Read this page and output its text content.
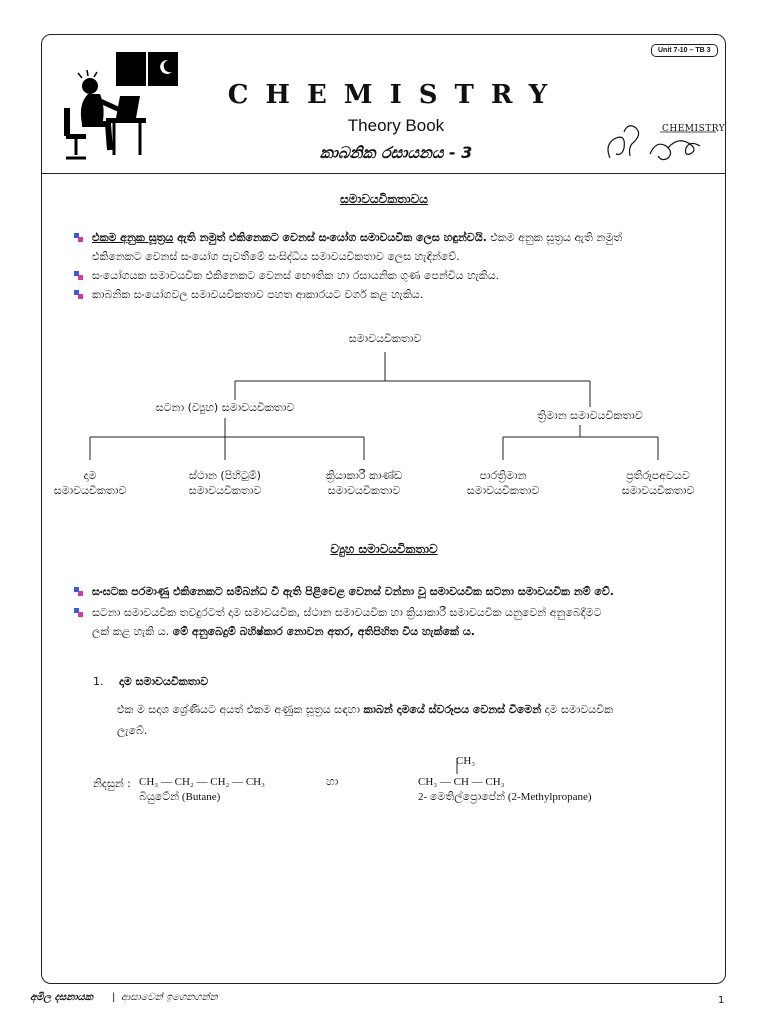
Unit 7-10 – TB 3
CHEMISTRY
Theory Book
කාබනික රසායනය - 3
CHEMISTRY
සමාවයවිකතාවය
එකම අනුක සූත්‍රය ඇති නමුත් එකිනෙකට වෙනස් සංයෝග සමාවයවික ලෙස හඳුන්වයි. එකම අනුක සූත්‍රය ඇති නමුත්
එකිනෙකට වෙනස් සංයෝග පැවතීමේ සංසිද්ධිය සමාවයවිකතාව ලෙස හැඳින්වේ.
සංයෝගයක සමාවයවික එකිනෙකට වෙනස් භෞතික හා රසායනික ගුණ පෙන්විය හැකිය.
කාබනික සංයෝගවල සමාවයවිකතාව පහත ආකාරයට වර්ග කළ හැකිය.
සමාවයවිකතාව
සටනා (ව්‍යුහ) සමාවයවිකතාව
ත්‍රිමාන සමාවයවිකතාව
දාම
සමාවයවිකතාව
ස්ථාන (පිහිටුම්)
සමාවයවිකතාව
ක්‍රියාකාරී කාණ්ඩ
සමාවයවිකතාව
පාරත්‍රිමාන
සමාවයවිකතාව
ප්‍රතිරූපඅවයව
සමාවයවිකතාව
ව්‍යුහ සමාවයවිකතාව
සංඝටක පරමාණු එකිනෙකට සම්බන්ධ වී ඇති පිළිවෙළ වෙනස් වන්නා වූ සමාවයවික සටනා සමාවයවික නම් වේ.
සටනා සමාවයවික තවදුරටත් දාම සමාවයවික, ස්ථාන සමාවයවික හා ක්‍රියාකාරී සමාවයවික යනුවෙන් අනුබෙදීමට
ලක් කළ හැකි ය. මේ අනුබෙදුම් බහිෂ්කාර නොවන අතර, අතිපිහිත විය හැක්කේ ය.
1. දාම සමාවයවිකතාව
එක ම සදාශ ශ්‍රේණියට අයත් එකම අණුක සූත්‍රය සඳහා කාබන් දාමයේ ස්වරූපය වෙනස් වීමෙන් දාම සමාවයවික
ලැබේ.
CH₃
නිදසුන් : CH₃ — CH₂ — CH₂ — CH₃
බියුටේන් (Butane)
හා	CH₃ — CH — CH₃
2- මෙතිල්ප්‍රොපේන් (2-Methylpropane)
අමිල දසනායක | ආසාවෙන් ඉගෙනගන්න	1
